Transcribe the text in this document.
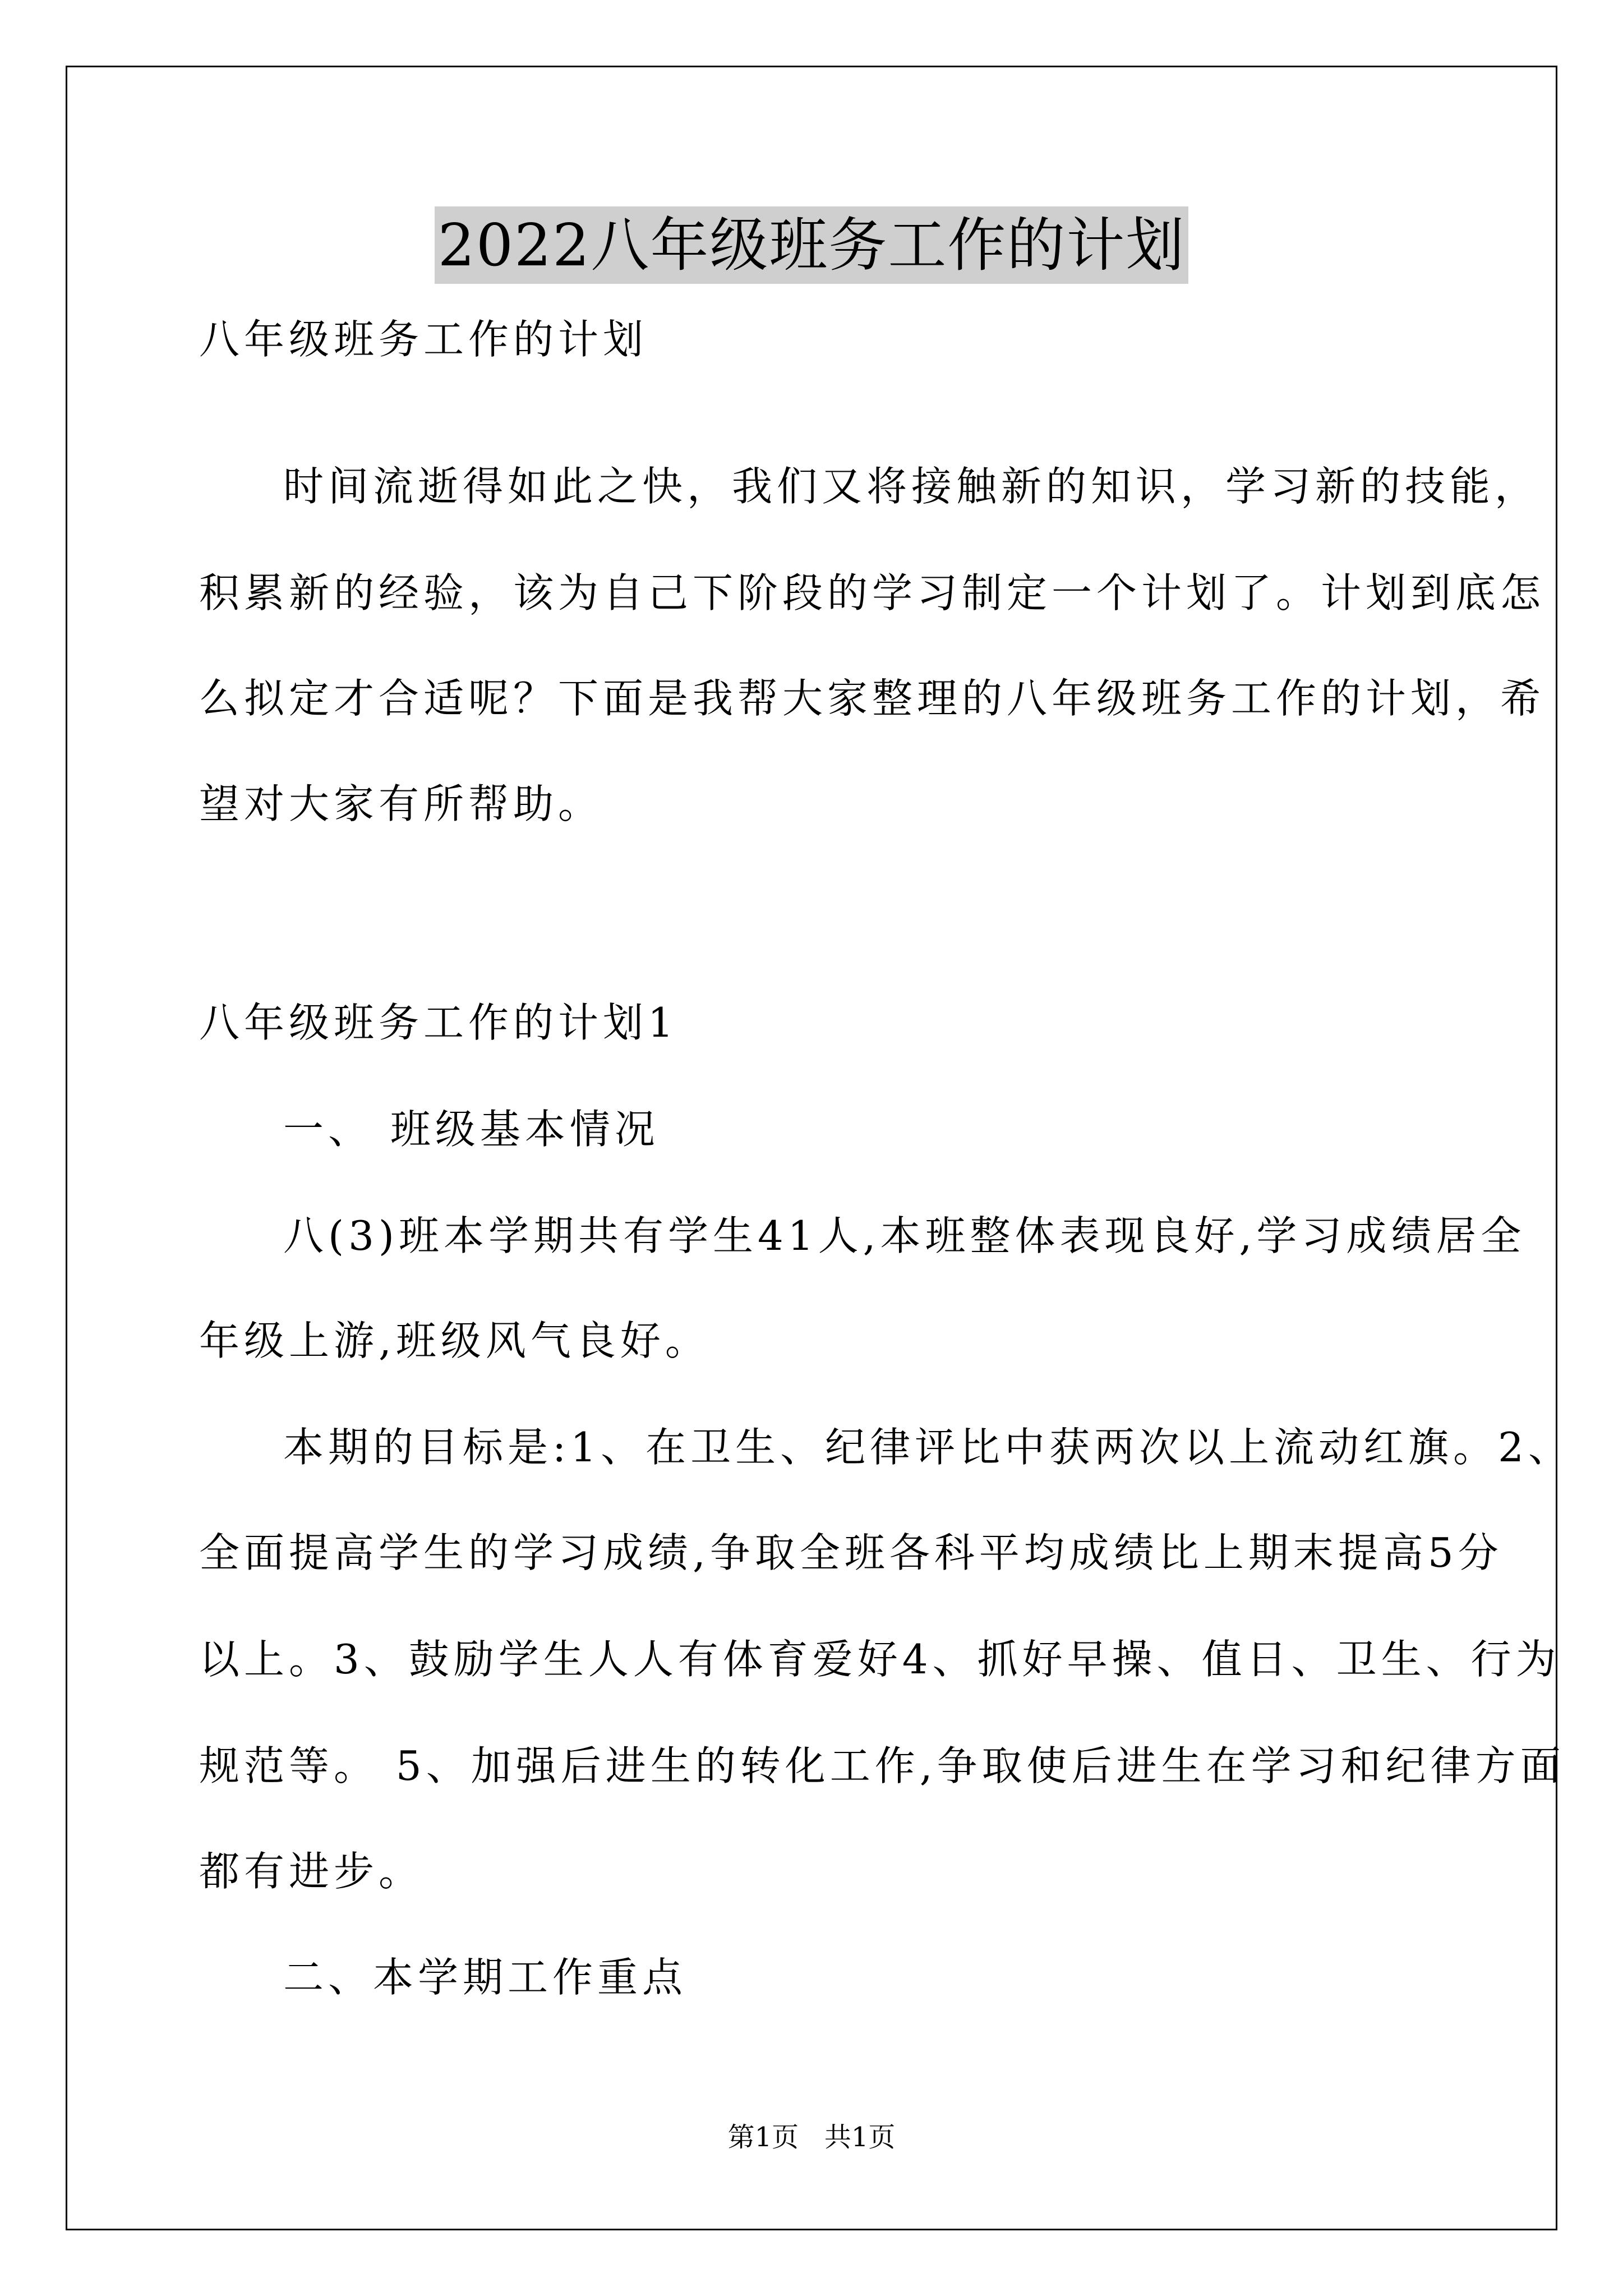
2022八年级班务工作的计划
八年级班务工作的计划
时间流逝得如此之快，我们又将接触新的知识，学习新的技能，
积累新的经验，该为自己下阶段的学习制定一个计划了。计划到底怎
么拟定才合适呢？下面是我帮大家整理的八年级班务工作的计划，希
望对大家有所帮助。
八年级班务工作的计划1
一、 班级基本情况
八(3)班本学期共有学生41人,本班整体表现良好,学习成绩居全
年级上游,班级风气良好。
本期的目标是:1、在卫生、纪律评比中获两次以上流动红旗。2、
全面提高学生的学习成绩,争取全班各科平均成绩比上期末提高5分
以上。3、鼓励学生人人有体育爱好4、抓好早操、值日、卫生、行为
规范等。 5、加强后进生的转化工作,争取使后进生在学习和纪律方面
都有进步。
二、本学期工作重点
第1页   共1页
